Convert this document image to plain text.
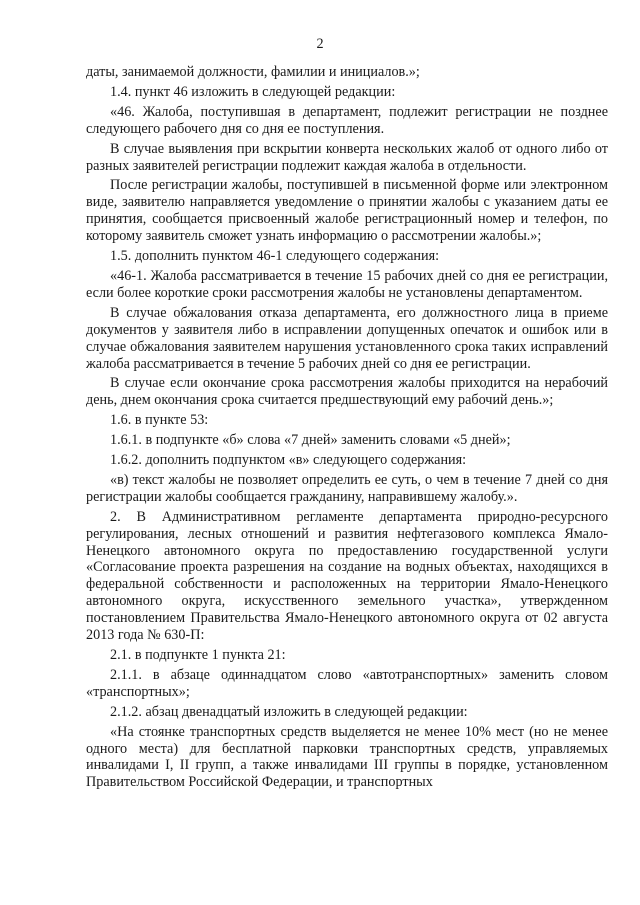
2

даты, занимаемой должности, фамилии и инициалов.»;

1.4. пункт 46 изложить в следующей редакции:

«46. Жалоба, поступившая в департамент, подлежит регистрации не позднее следующего рабочего дня со дня ее поступления.

В случае выявления при вскрытии конверта нескольких жалоб от одного либо от разных заявителей регистрации подлежит каждая жалоба в отдельности.

После регистрации жалобы, поступившей в письменной форме или электронном виде, заявителю направляется уведомление о принятии жалобы с указанием даты ее принятия, сообщается присвоенный жалобе регистрационный номер и телефон, по которому заявитель сможет узнать информацию о рассмотрении жалобы.»;

1.5. дополнить пунктом 46-1 следующего содержания:

«46-1. Жалоба рассматривается в течение 15 рабочих дней со дня ее регистрации, если более короткие сроки рассмотрения жалобы не установлены департаментом.

В случае обжалования отказа департамента, его должностного лица в приеме документов у заявителя либо в исправлении допущенных опечаток и ошибок или в случае обжалования заявителем нарушения установленного срока таких исправлений жалоба рассматривается в течение 5 рабочих дней со дня ее регистрации.

В случае если окончание срока рассмотрения жалобы приходится на нерабочий день, днем окончания срока считается предшествующий ему рабочий день.»;

1.6. в пункте 53:

1.6.1. в подпункте «б» слова «7 дней» заменить словами «5 дней»;

1.6.2. дополнить подпунктом «в» следующего содержания:

«в) текст жалобы не позволяет определить ее суть, о чем в течение 7 дней со дня регистрации жалобы сообщается гражданину, направившему жалобу.».

2. В Административном регламенте департамента природно-ресурсного регулирования, лесных отношений и развития нефтегазового комплекса Ямало-Ненецкого автономного округа по предоставлению государственной услуги «Согласование проекта разрешения на создание на водных объектах, находящихся в федеральной собственности и расположенных на территории Ямало-Ненецкого автономного округа, искусственного земельного участка», утвержденном постановлением Правительства Ямало-Ненецкого автономного округа от 02 августа 2013 года № 630-П:

2.1. в подпункте 1 пункта 21:

2.1.1. в абзаце одиннадцатом слово «автотранспортных» заменить словом «транспортных»;

2.1.2. абзац двенадцатый изложить в следующей редакции:

«На стоянке транспортных средств выделяется не менее 10% мест (но не менее одного места) для бесплатной парковки транспортных средств, управляемых инвалидами I, II групп, а также инвалидами III группы в порядке, установленном Правительством Российской Федерации, и транспортных
